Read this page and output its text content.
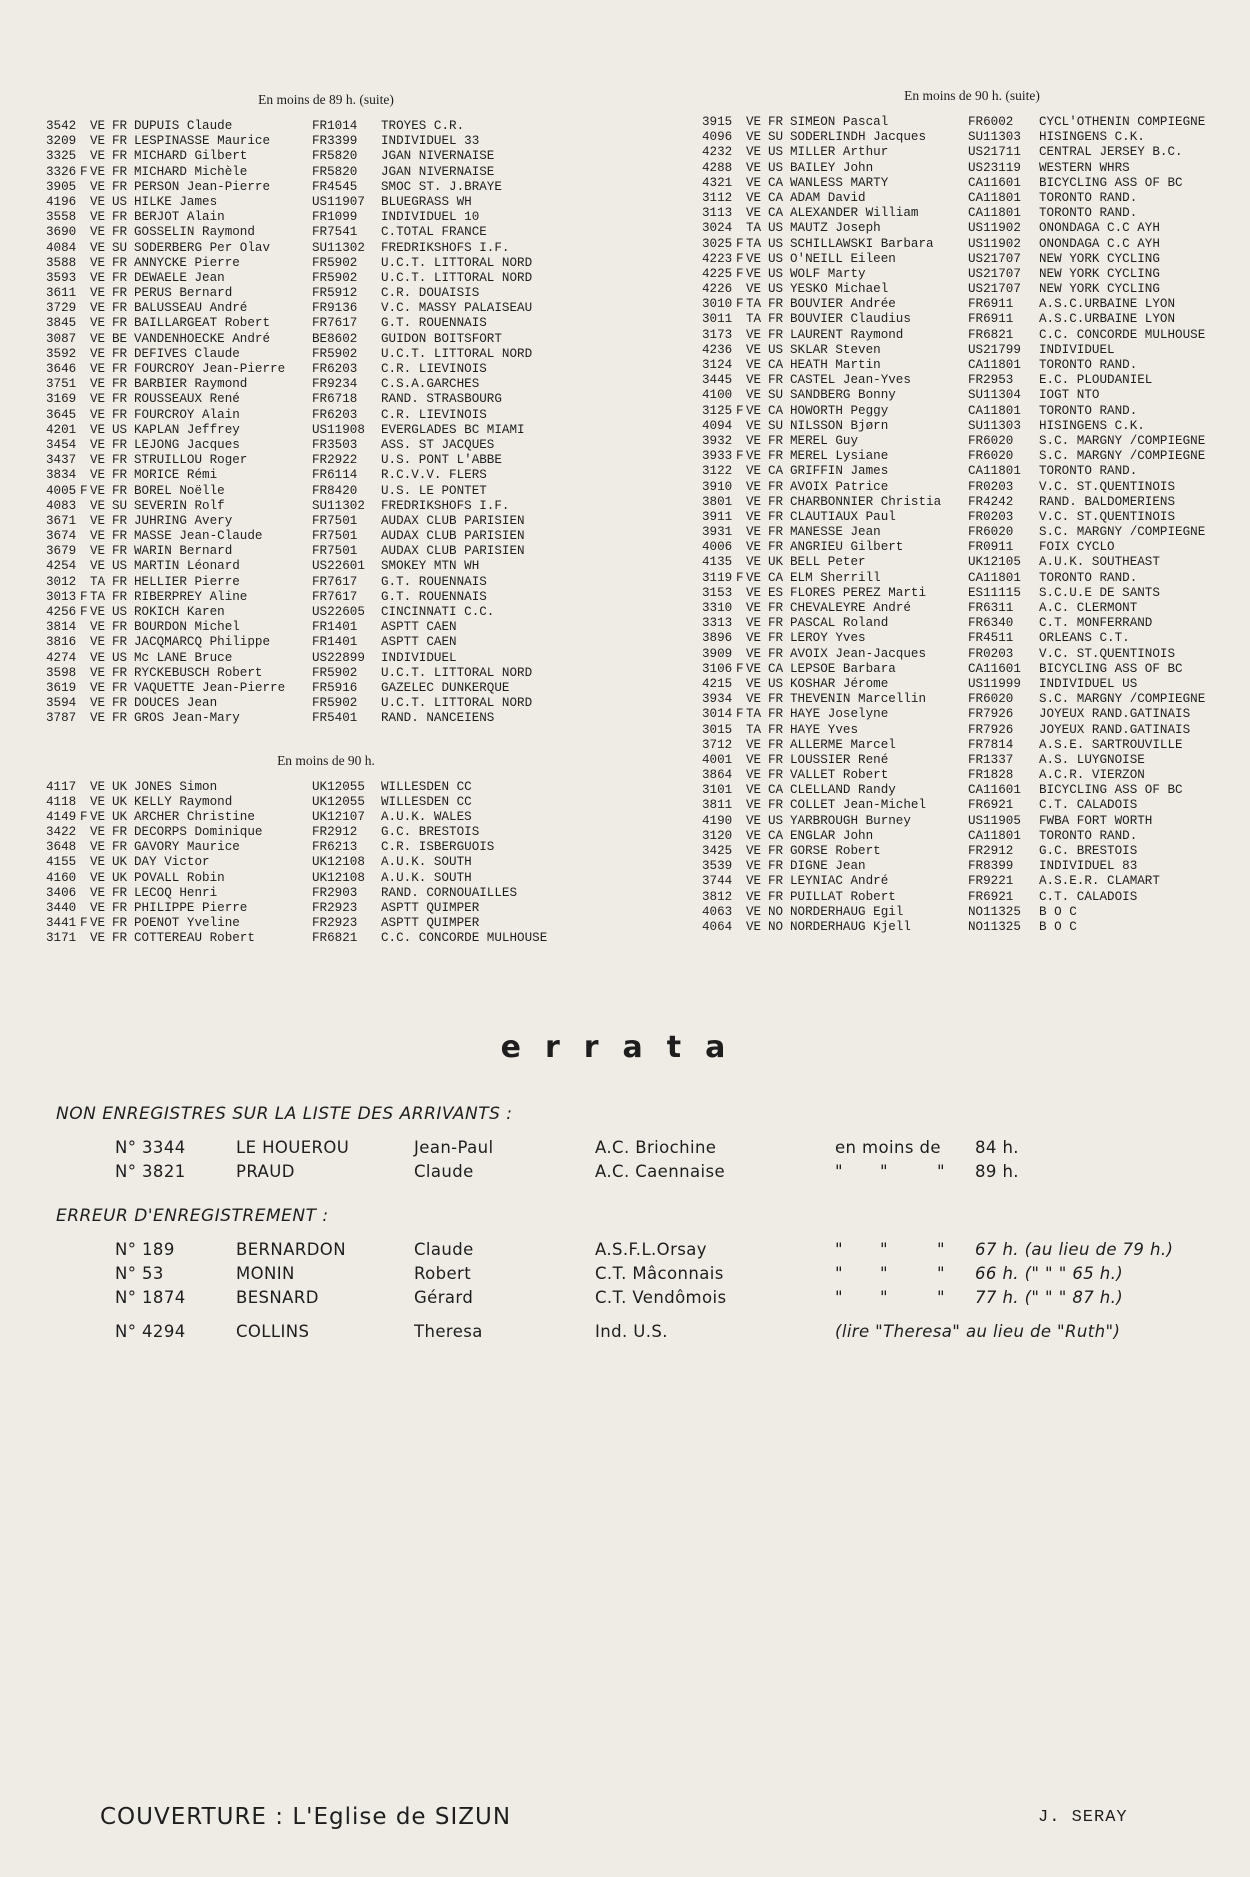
En moins de 89 h. (suite)
3542 VE FR DUPUIS Claude	FR1014	TROYES C.R.
3209 VE FR LESPINASSE Maurice	FR3399	INDIVIDUEL 33
3325 VE FR MICHARD Gilbert	FR5820	JGAN NIVERNAISE
3326 F VE FR MICHARD Michèle	FR5820	JGAN NIVERNAISE
3905 VE FR PERSON Jean-Pierre	FR4545	SMOC ST. J.BRAYE
4196 VE US HILKE James	US11907	BLUEGRASS WH
3558 VE FR BERJOT Alain	FR1099	INDIVIDUEL 10
3690 VE FR GOSSELIN Raymond	FR7541	C.TOTAL FRANCE
4084 VE SU SODERBERG Per Olav	SU11302	FREDRIKSHOFS I.F.
3588 VE FR ANNYCKE Pierre	FR5902	U.C.T. LITTORAL NORD
3593 VE FR DEWAELE Jean	FR5902	U.C.T. LITTORAL NORD
3611 VE FR PERUS Bernard	FR5912	C.R. DOUAISIS
3729 VE FR BALUSSEAU André	FR9136	V.C. MASSY PALAISEAU
3845 VE FR BAILLARGEAT Robert	FR7617	G.T. ROUENNAIS
3087 VE BE VANDENHOECKE André	BE8602	GUIDON BOITSFORT
3592 VE FR DEFIVES Claude	FR5902	U.C.T. LITTORAL NORD
3646 VE FR FOURCROY Jean-Pierre	FR6203	C.R. LIEVINOIS
3751 VE FR BARBIER Raymond	FR9234	C.S.A.GARCHES
3169 VE FR ROUSSEAUX René	FR6718	RAND. STRASBOURG
3645 VE FR FOURCROY Alain	FR6203	C.R. LIEVINOIS
4201 VE US KAPLAN Jeffrey	US11908	EVERGLADES BC MIAMI
3454 VE FR LEJONG Jacques	FR3503	ASS. ST JACQUES
3437 VE FR STRUILLOU Roger	FR2922	U.S. PONT L'ABBE
3834 VE FR MORICE Rémi	FR6114	R.C.V.V. FLERS
4005 F VE FR BOREL Noëlle	FR8420	U.S. LE PONTET
4083 VE SU SEVERIN Rolf	SU11302	FREDRIKSHOFS I.F.
3671 VE FR JUHRING Avery	FR7501	AUDAX CLUB PARISIEN
3674 VE FR MASSE Jean-Claude	FR7501	AUDAX CLUB PARISIEN
3679 VE FR WARIN Bernard	FR7501	AUDAX CLUB PARISIEN
4254 VE US MARTIN Léonard	US22601	SMOKEY MTN WH
3012 TA FR HELLIER Pierre	FR7617	G.T. ROUENNAIS
3013 F TA FR RIBERPREY Aline	FR7617	G.T. ROUENNAIS
4256 F VE US ROKICH Karen	US22605	CINCINNATI C.C.
3814 VE FR BOURDON Michel	FR1401	ASPTT CAEN
3816 VE FR JACQMARCQ Philippe	FR1401	ASPTT CAEN
4274 VE US Mc LANE Bruce	US22899	INDIVIDUEL
3598 VE FR RYCKEBUSCH Robert	FR5902	U.C.T. LITTORAL NORD
3619 VE FR VAQUETTE Jean-Pierre	FR5916	GAZELEC DUNKERQUE
3594 VE FR DOUCES Jean	FR5902	U.C.T. LITTORAL NORD
3787 VE FR GROS Jean-Mary	FR5401	RAND. NANCEIENS
En moins de 90 h.
4117 VE UK JONES Simon	UK12055	WILLESDEN CC
4118 VE UK KELLY Raymond	UK12055	WILLESDEN CC
4149 F VE UK ARCHER Christine	UK12107	A.U.K. WALES
3422 VE FR DECORPS Dominique	FR2912	G.C. BRESTOIS
3648 VE FR GAVORY Maurice	FR6213	C.R. ISBERGUOIS
4155 VE UK DAY Victor	UK12108	A.U.K. SOUTH
4160 VE UK POVALL Robin	UK12108	A.U.K. SOUTH
3406 VE FR LECOQ Henri	FR2903	RAND. CORNOUAILLES
3440 VE FR PHILIPPE Pierre	FR2923	ASPTT QUIMPER
3441 F VE FR POENOT Yveline	FR2923	ASPTT QUIMPER
3171 VE FR COTTEREAU Robert	FR6821	C.C. CONCORDE MULHOUSE
En moins de 90 h. (suite)
3915 VE FR SIMEON Pascal	FR6002	CYCL'OTHENIN COMPIEGNE
4096 VE SU SODERLINDH Jacques	SU11303	HISINGENS C.K.
4232 VE US MILLER Arthur	US21711	CENTRAL JERSEY B.C.
4288 VE US BAILEY John	US23119	WESTERN WHRS
4321 VE CA WANLESS MARTY	CA11601	BICYCLING ASS OF BC
3112 VE CA ADAM David	CA11801	TORONTO RAND.
3113 VE CA ALEXANDER William	CA11801	TORONTO RAND.
3024 TA US MAUTZ Joseph	US11902	ONONDAGA C.C AYH
3025 F TA US SCHILLAWSKI Barbara	US11902	ONONDAGA C.C AYH
4223 F VE US O'NEILL Eileen	US21707	NEW YORK CYCLING
4225 F VE US WOLF Marty	US21707	NEW YORK CYCLING
4226 VE US YESKO Michael	US21707	NEW YORK CYCLING
3010 F TA FR BOUVIER Andrée	FR6911	A.S.C.URBAINE LYON
3011 TA FR BOUVIER Claudius	FR6911	A.S.C.URBAINE LYON
3173 VE FR LAURENT Raymond	FR6821	C.C. CONCORDE MULHOUSE
4236 VE US SKLAR Steven	US21799	INDIVIDUEL
3124 VE CA HEATH Martin	CA11801	TORONTO RAND.
3445 VE FR CASTEL Jean-Yves	FR2953	E.C. PLOUDANIEL
4100 VE SU SANDBERG Bonny	SU11304	IOGT NTO
3125 F VE CA HOWORTH Peggy	CA11801	TORONTO RAND.
4094 VE SU NILSSON Bjørn	SU11303	HISINGENS C.K.
3932 VE FR MEREL Guy	FR6020	S.C. MARGNY /COMPIEGNE
3933 F VE FR MEREL Lysiane	FR6020	S.C. MARGNY /COMPIEGNE
3122 VE CA GRIFFIN James	CA11801	TORONTO RAND.
3910 VE FR AVOIX Patrice	FR0203	V.C. ST.QUENTINOIS
3801 VE FR CHARBONNIER Christia	FR4242	RAND. BALDOMERIENS
3911 VE FR CLAUTIAUX Paul	FR0203	V.C. ST.QUENTINOIS
3931 VE FR MANESSE Jean	FR6020	S.C. MARGNY /COMPIEGNE
4006 VE FR ANGRIEU Gilbert	FR0911	FOIX CYCLO
4135 VE UK BELL Peter	UK12105	A.U.K. SOUTHEAST
3119 F VE CA ELM Sherrill	CA11801	TORONTO RAND.
3153 VE ES FLORES PEREZ Marti	ES11115	S.C.U.E DE SANTS
3310 VE FR CHEVALEYRE André	FR6311	A.C. CLERMONT
3313 VE FR PASCAL Roland	FR6340	C.T. MONFERRAND
3896 VE FR LEROY Yves	FR4511	ORLEANS C.T.
3909 VE FR AVOIX Jean-Jacques	FR0203	V.C. ST.QUENTINOIS
3106 F VE CA LEPSOE Barbara	CA11601	BICYCLING ASS OF BC
4215 VE US KOSHAR Jérome	US11999	INDIVIDUEL US
3934 VE FR THEVENIN Marcellin	FR6020	S.C. MARGNY /COMPIEGNE
3014 F TA FR HAYE Joselyne	FR7926	JOYEUX RAND.GATINAIS
3015 TA FR HAYE Yves	FR7926	JOYEUX RAND.GATINAIS
3712 VE FR ALLERME Marcel	FR7814	A.S.E. SARTROUVILLE
4001 VE FR LOUSSIER René	FR1337	A.S. LUYGNOISE
3864 VE FR VALLET Robert	FR1828	A.C.R. VIERZON
3101 VE CA CLELLAND Randy	CA11601	BICYCLING ASS OF BC
3811 VE FR COLLET Jean-Michel	FR6921	C.T. CALADOIS
4190 VE US YARBROUGH Burney	US11905	FWBA FORT WORTH
3120 VE CA ENGLAR John	CA11801	TORONTO RAND.
3425 VE FR GORSE Robert	FR2912	G.C. BRESTOIS
3539 VE FR DIGNE Jean	FR8399	INDIVIDUEL 83
3744 VE FR LEYNIAC André	FR9221	A.S.E.R. CLAMART
3812 VE FR PUILLAT Robert	FR6921	C.T. CALADOIS
4063 VE NO NORDERHAUG Egil	NO11325	B O C
4064 VE NO NORDERHAUG Kjell	NO11325	B O C
errata
NON ENREGISTRES SUR LA LISTE DES ARRIVANTS :
ERREUR D'ENREGISTREMENT :
N° 3344	LE HOUEROU	Jean-Paul	A.C. Briochine	en moins de 84 h.
N° 3821	PRAUD	Claude	A.C. Caennaise	" "	" 89 h.
N° 189	BERNARDON	Claude	A.S.F.L.Orsay	" "	" 67 h. (au lieu de 79 h.)
N° 53	MONIN	Robert	C.T. Mâconnais	" "	" 66 h. (" " " 65 h.)
N° 1874	BESNARD	Gérard	C.T. Vendômois	" "	" 77 h. (" " " 87 h.)
N° 4294	COLLINS	Theresa	Ind. U.S.	(lire "Theresa" au lieu de "Ruth")
COUVERTURE : L'Eglise de SIZUN	J. SERAY
